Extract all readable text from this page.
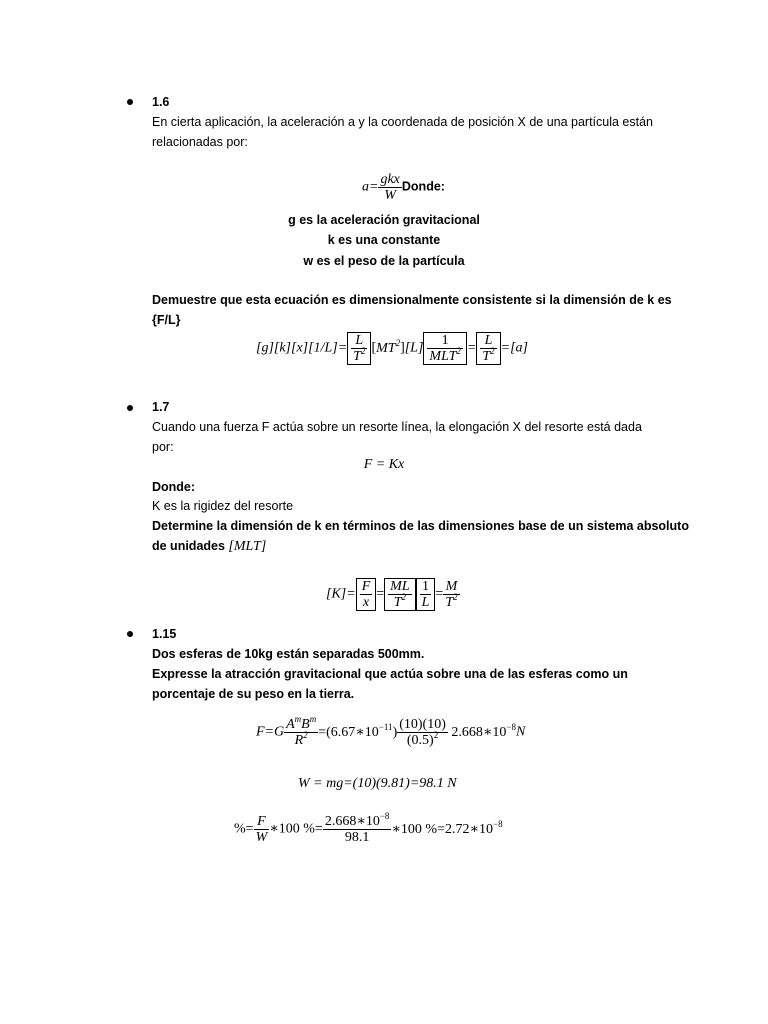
1.6
En cierta aplicación, la aceleración a y la coordenada de posición X de una partícula están
relacionadas por:
$a= \frac{\text{gkx}}{W}$ Donde:
g es la aceleración gravitacional
k es una constante
w es el peso de la partícula
Demuestre que esta ecuación es dimensionalmente consistente si la dimensión de k es
{F/L}
$[g][k][x][1/L]= \frac{L}{T^2} [MT^2][L] \frac{1}{MLT^2} = \frac{L}{T^2} =[a]$
1.7
Cuando una fuerza F actúa sobre un resorte línea, la elongación X del resorte está dada
por:
F = Kx
Donde:
K es la rigidez del resorte
Determine la dimensión de k en términos de las dimensiones base de un sistema absoluto
de unidades [MLT]
$[K]= \frac{F}{x} = \frac{ML}{T^2} \frac{1}{L} = \frac{M}{T^2}$
1.15
Dos esferas de 10kg están separadas 500mm.
Expresse la atracción gravitacional que actúa sobre una de las esferas como un
porcentaje de su peso en la tierra.
$F=G \frac{A^mB^m}{R^2}$ $=(6.67∗10^{-11}) \frac{(10)(10)}{(0.5)^2}$ $2.668∗10^{-8}N$
W = mg=(10)(9.81)=98.1 N
%= $\frac{F}{W}$ ∗100 %= $\frac{2.668∗10^{-8}}{98.1}$ ∗100 $\%=2.72∗10^{-8}$
